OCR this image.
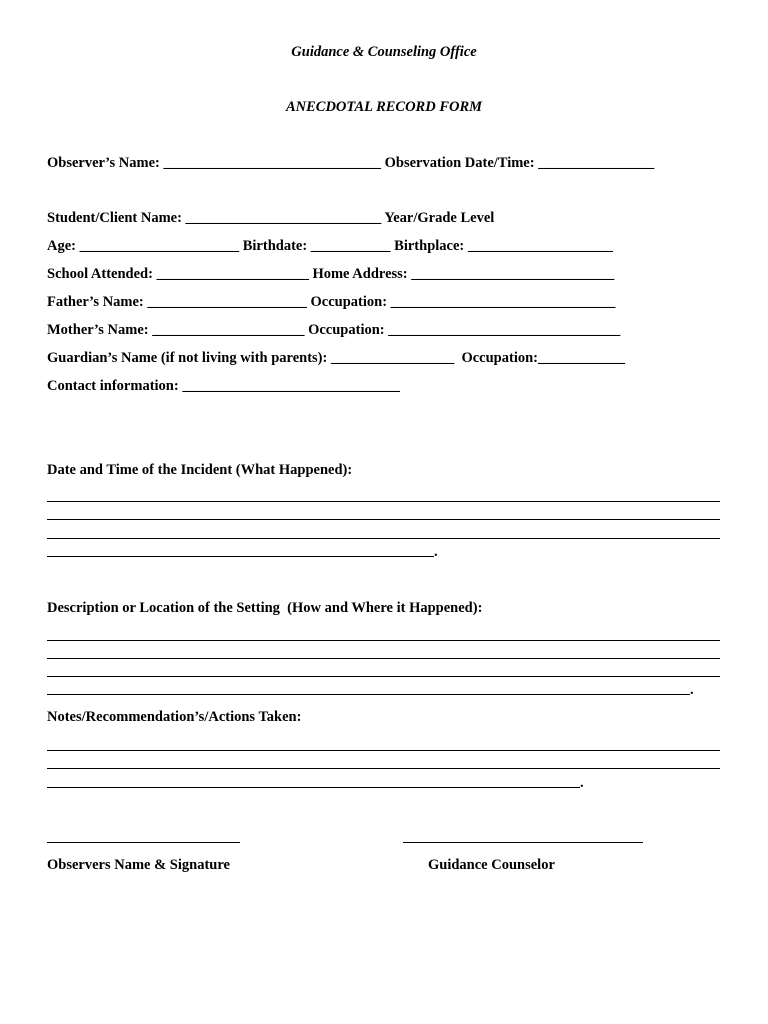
Guidance & Counseling Office

ANECDOTAL RECORD FORM

Observer’s Name: ______________________________ Observation Date/Time: ________________

Student/Client Name: ___________________________ Year/Grade Level

Age: ______________________ Birthdate: ___________ Birthplace: ____________________

School Attended: _____________________ Home Address: ____________________________

Father’s Name: ______________________ Occupation: _______________________________

Mother’s Name: _____________________ Occupation: ________________________________

Guardian’s Name (if not living with parents): _________________  Occupation:____________

Contact information: ______________________________

Date and Time of the Incident (What Happened):

.

Description or Location of the Setting  (How and Where it Happened):

.

Notes/Recommendation’s/Actions Taken:

.

Observers Name & Signature	Guidance Counselor
